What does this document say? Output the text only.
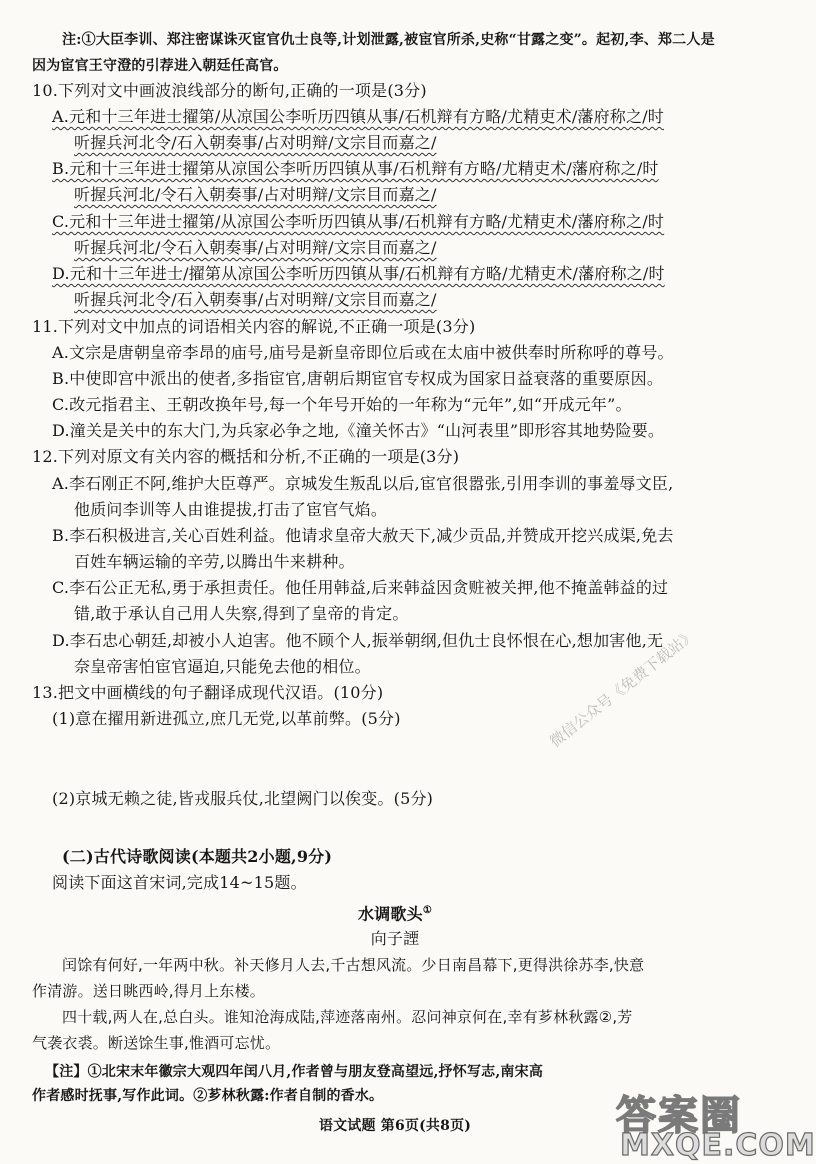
注:①大臣李训、郑注密谋诛灭宦官仇士良等,计划泄露,被宦官所杀,史称“甘露之变”。起初,李、郑二人是
因为宦官王守澄的引荐进入朝廷任高官。
10.下列对文中画波浪线部分的断句,正确的一项是(3分)
A.元和十三年进士擢第/从凉国公李听历四镇从事/石机辩有方略/尤精吏术/藩府称之/时
听握兵河北令/石入朝奏事/占对明辩/文宗目而嘉之/
B.元和十三年进士擢第从凉国公李听历四镇从事/石机辩有方略/尤精吏术/藩府称之/时
听握兵河北/令石入朝奏事/占对明辩/文宗目而嘉之/
C.元和十三年进士擢第/从凉国公李听历四镇从事/石机辩有方略/尤精吏术/藩府称之/时
听握兵河北/令石入朝奏事/占对明辩/文宗目而嘉之/
D.元和十三年进士/擢第从凉国公李听历四镇从事/石机辩有方略/尤精吏术/藩府称之/时
听握兵河北令/石入朝奏事/占对明辩/文宗目而嘉之/
11.下列对文中加点的词语相关内容的解说,不正确一项是(3分)
A.文宗是唐朝皇帝李昂的庙号,庙号是新皇帝即位后或在太庙中被供奉时所称呼的尊号。
B.中使即宫中派出的使者,多指宦官,唐朝后期宦官专权成为国家日益衰落的重要原因。
C.改元指君主、王朝改换年号,每一个年号开始的一年称为“元年”,如“开成元年”。
D.潼关是关中的东大门,为兵家必争之地,《潼关怀古》“山河表里”即形容其地势险要。
12.下列对原文有关内容的概括和分析,不正确的一项是(3分)
A.李石刚正不阿,维护大臣尊严。京城发生叛乱以后,宦官很嚣张,引用李训的事羞辱文臣,
他质问李训等人由谁提拔,打击了宦官气焰。
B.李石积极进言,关心百姓利益。他请求皇帝大赦天下,减少贡品,并赞成开挖兴成渠,免去
百姓车辆运输的辛劳,以腾出牛来耕种。
C.李石公正无私,勇于承担责任。他任用韩益,后来韩益因贪赃被关押,他不掩盖韩益的过
错,敢于承认自己用人失察,得到了皇帝的肯定。
D.李石忠心朝廷,却被小人迫害。他不顾个人,振举朝纲,但仇士良怀恨在心,想加害他,无
奈皇帝害怕宦官逼迫,只能免去他的相位。
13.把文中画横线的句子翻译成现代汉语。(10分)
(1)意在擢用新进孤立,庶几无党,以革前弊。(5分)
(2)京城无赖之徒,皆戎服兵仗,北望阙门以俟变。(5分)
微信公众号《免费下载站》
(二)古代诗歌阅读(本题共2小题,9分)
阅读下面这首宋词,完成14~15题。
水调歌头①
向子諲
闰馀有何好,一年两中秋。补天修月人去,千古想风流。少日南昌幕下,更得洪徐苏李,快意
作清游。送日眺西岭,得月上东楼。
四十载,两人在,总白头。谁知沧海成陆,萍迹落南州。忍问神京何在,幸有芗林秋露②,芳
气袭衣裘。断送馀生事,惟酒可忘忧。
【注】①北宋末年徽宗大观四年闰八月,作者曾与朋友登高望远,抒怀写志,南宋高
作者感时抚事,写作此词。②芗林秋露:作者自制的香水。
语文试题 第6页(共8页)	答案圈
MXQE.COM
